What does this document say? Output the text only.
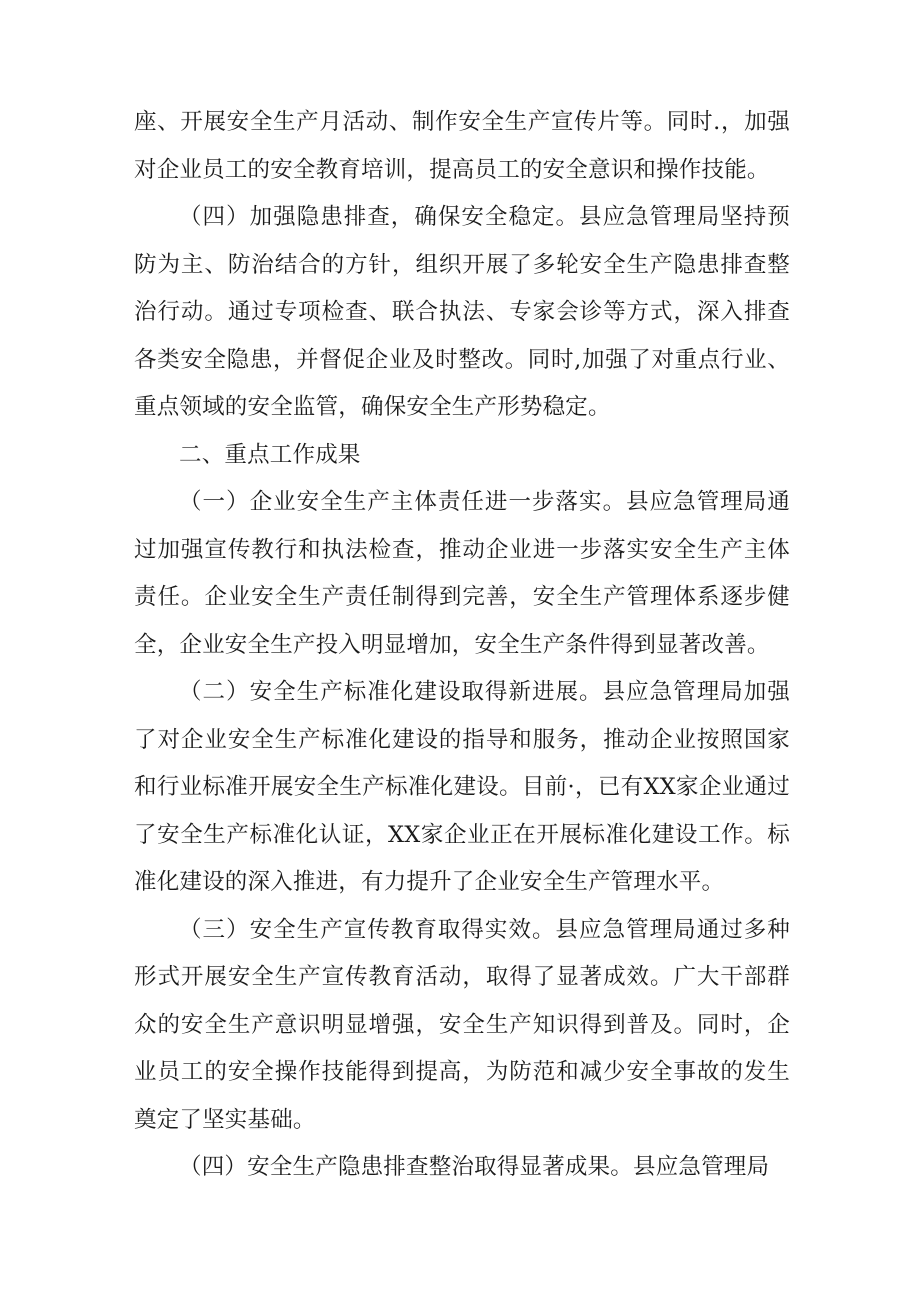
座、开展安全生产月活动、制作安全生产宣传片等。同时.，加强对企业员工的安全教育培训，提高员工的安全意识和操作技能。

（四）加强隐患排查，确保安全稳定。县应急管理局坚持预防为主、防治结合的方针，组织开展了多轮安全生产隐患排查整治行动。通过专项检查、联合执法、专家会诊等方式，深入排查各类安全隐患，并督促企业及时整改。同时,加强了对重点行业、重点领域的安全监管，确保安全生产形势稳定。

二、重点工作成果

（一）企业安全生产主体责任进一步落实。县应急管理局通过加强宣传教行和执法检查，推动企业进一步落实安全生产主体责任。企业安全生产责任制得到完善，安全生产管理体系逐步健全，企业安全生产投入明显增加，安全生产条件得到显著改善。

（二）安全生产标准化建设取得新进展。县应急管理局加强了对企业安全生产标准化建设的指导和服务，推动企业按照国家和行业标准开展安全生产标准化建设。目前·，已有XX家企业通过了安全生产标准化认证，XX家企业正在开展标准化建设工作。标准化建设的深入推进，有力提升了企业安全生产管理水平。

（三）安全生产宣传教育取得实效。县应急管理局通过多种形式开展安全生产宣传教育活动，取得了显著成效。广大干部群众的安全生产意识明显增强，安全生产知识得到普及。同时，企业员工的安全操作技能得到提高，为防范和减少安全事故的发生奠定了坚实基础。

（四）安全生产隐患排查整治取得显著成果。县应急管理局
